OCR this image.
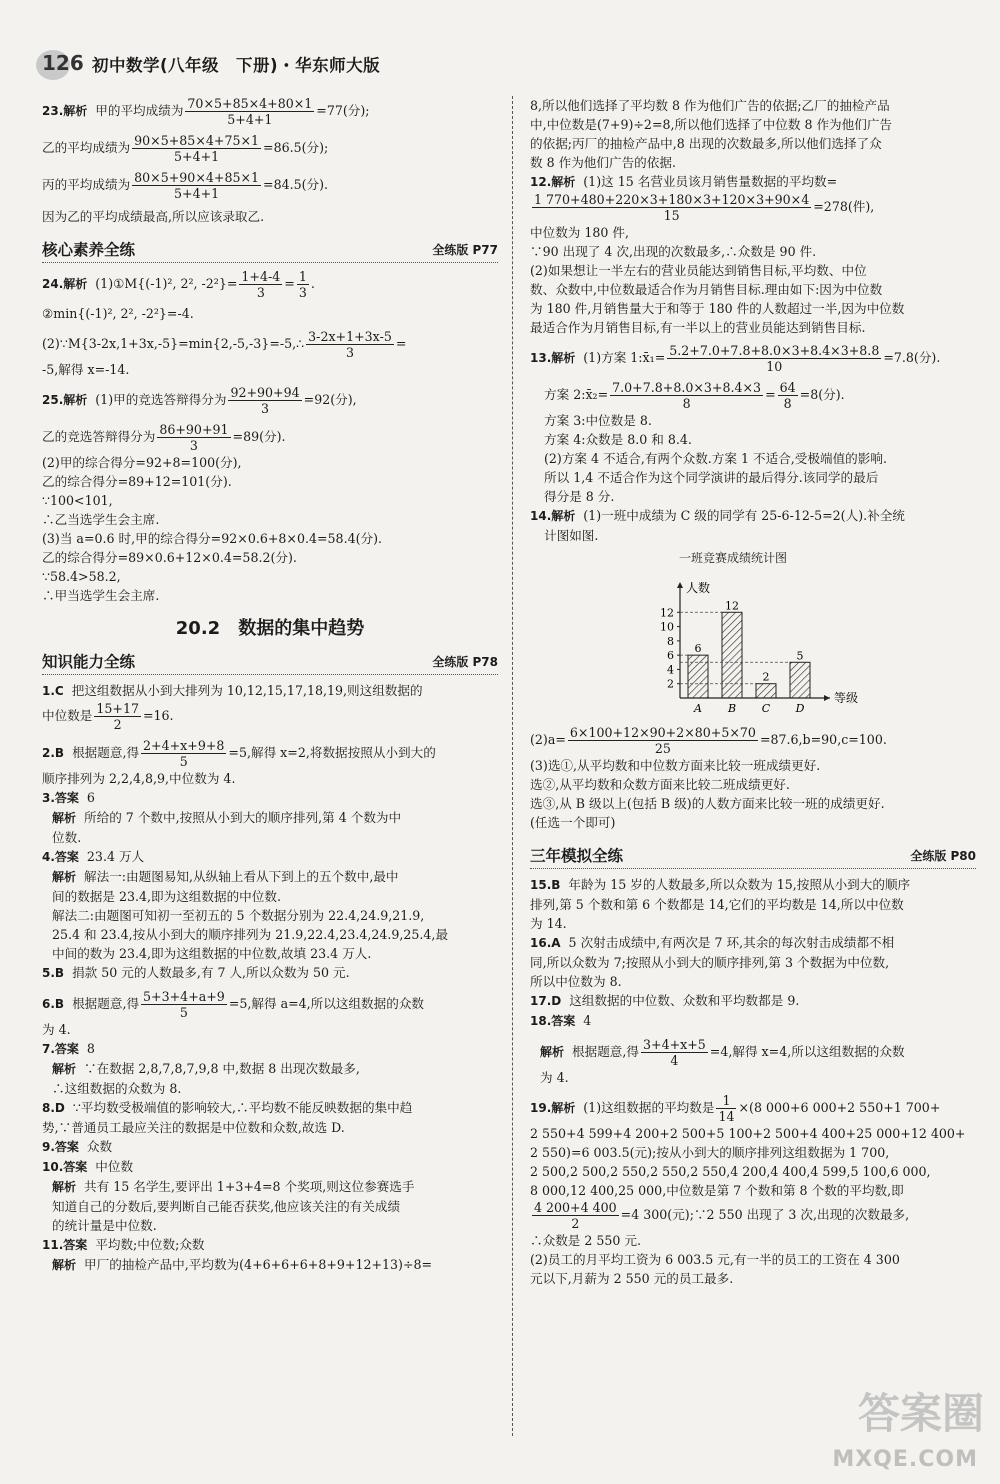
126 初中数学(八年级　下册)・华东师大版
23.解析 甲的平均成绩为 $\frac{70\times 5+85\times 4+80\times 1}{5+4+1} =77$(分);
乙的平均成绩为 $\frac{90\times 5+85\times 4+75\times 1}{5+4+1} =86.5$(分);
丙的平均成绩为 $\frac{80\times 5+90\times 4+85\times 1}{5+4+1} =84.5$(分).
因为乙的平均成绩最高,所以应该录取乙.
核心素养全练	全练版 P77
24.解析 (1)①M{(-1)², 2², $-2^2\}= \frac{1+4-4}{3} = \frac{1}{3}$ .
②min{(-1)², 2², -2²}=-4.
(2)∵M{3-2x,1+3x,-5}=min{2,-5,-3}=-5,∴ $\frac{3-2x+1+3x-5}{3}$ =
-5,解得 x=-14.
25.解析 (1)甲的竞选答辩得分为 $\frac{92+90+94}{3} =92$(分),
乙的竞选答辩得分为 $\frac{86+90+91}{3} =89$(分).
(2)甲的综合得分=92+8=100(分),
乙的综合得分=89+12=101(分).
∵100<101,
∴乙当选学生会主席.
(3)当 a=0.6 时,甲的综合得分=92×0.6+8×0.4=58.4(分).
乙的综合得分=89×0.6+12×0.4=58.2(分).
∵58.4>58.2,
∴甲当选学生会主席.
20.2　数据的集中趋势
知识能力全练	全练版 P78
1.C 把这组数据从小到大排列为 10,12,15,17,18,19,则这组数据的
中位数是 $\frac{15+17}{2} =16$.
2.B 根据题意,得 $\frac{2+4+x+9+8}{5} =5$,解得 x=2,将数据按照从小到大的
顺序排列为 2,2,4,8,9,中位数为 4.
3.答案 6
解析 所给的 7 个数中,按照从小到大的顺序排列,第 4 个数为中
位数.
4.答案 23.4 万人
解析 解法一:由题图易知,从纵轴上看从下到上的五个数中,最中
间的数据是 23.4,即为这组数据的中位数.
解法二:由题图可知初一至初五的 5 个数据分别为 22.4,24.9,21.9,
25.4 和 23.4,按从小到大的顺序排列为 21.9,22.4,23.4,24.9,25.4,最
中间的数为 23.4,即为这组数据的中位数,故填 23.4 万人.
5.B 捐款 50 元的人数最多,有 7 人,所以众数为 50 元.
6.B 根据题意,得 $\frac{5+3+4+a+9}{5} =5$,解得 a=4,所以这组数据的众数
为 4.
7.答案 8
解析 ∵在数据 2,8,7,8,7,9,8 中,数据 8 出现次数最多,
∴这组数据的众数为 8.
8.D ∵平均数受极端值的影响较大,∴平均数不能反映数据的集中趋
势,∵普通员工最应关注的数据是中位数和众数,故选 D.
9.答案 众数
10.答案 中位数
解析 共有 15 名学生,要评出 1+3+4=8 个奖项,则这位参赛选手
知道自己的分数后,要判断自己能否获奖,他应该关注的有关成绩
的统计量是中位数.
11.答案 平均数;中位数;众数
解析 甲厂的抽检产品中,平均数为(4+6+6+6+8+9+12+13)÷8=
8,所以他们选择了平均数 8 作为他们广告的依据;乙厂的抽检产品
中,中位数是(7+9)÷2=8,所以他们选择了中位数 8 作为他们广告
的依据;丙厂的抽检产品中,8 出现的次数最多,所以他们选择了众
数 8 作为他们广告的依据.
12.解析 (1)这 15 名营业员该月销售量数据的平均数=
$\frac{1 770+480+220\times 3+180\times 3+120\times 3+90\times 4}{15} =278$(件),
中位数为 180 件,
∵90 出现了 4 次,出现的次数最多,∴众数是 90 件.
(2)如果想让一半左右的营业员能达到销售目标,平均数、中位
数、众数中,中位数最适合作为月销售目标.理由如下:因为中位数
为 180 件,月销售量大于和等于 180 件的人数超过一半,因为中位数
最适合作为月销售目标,有一半以上的营业员能达到销售目标.
13.解析 (1)方案 1:x̄₁= $\frac{5.2+7.0+7.8+8.0\times 3+8.4\times 3+8.8}{10} =7.8$(分).
方案 2:x̄₂= $\frac{7.0+7.8+8.0\times 3+8.4\times 3}{8} = \frac{64}{8} =8$(分).
方案 3:中位数是 8.
方案 4:众数是 8.0 和 8.4.
(2)方案 4 不适合,有两个众数.方案 1 不适合,受极端值的影响.
所以 1,4 不适合作为这个同学演讲的最后得分.该同学的最后
得分是 8 分.
14.解析 (1)一班中成绩为 C 级的同学有 25-6-12-5=2(人).补全统
计图如图.
一班竞赛成绩统计图
人数
等级
2
4
6
8
10
12
6
A
12
B
2
C
5
D
$(2)a= \frac{6\times 100+12\times 90+2\times 80+5\times 70}{25} =87.6,b=90,c=100$.
(3)选①,从平均数和中位数方面来比较一班成绩更好.
选②,从平均数和众数方面来比较二班成绩更好.
选③,从 B 级以上(包括 B 级)的人数方面来比较一班的成绩更好.
(任选一个即可)
三年模拟全练	全练版 P80
15.B 年龄为 15 岁的人数最多,所以众数为 15,按照从小到大的顺序
排列,第 5 个数和第 6 个数都是 14,它们的平均数是 14,所以中位数
为 14.
16.A 5 次射击成绩中,有两次是 7 环,其余的每次射击成绩都不相
同,所以众数为 7;按照从小到大的顺序排列,第 3 个数据为中位数,
所以中位数为 8.
17.D 这组数据的中位数、众数和平均数都是 9.
18.答案 4
解析 根据题意,得 $\frac{3+4+x+5}{4} =4$,解得 x=4,所以这组数据的众数
为 4.
19.解析 (1)这组数据的平均数是 $\frac{1}{14} \times(8$ 000+6 000+2 550+1 700+
2 550+4 599+4 200+2 500+5 100+2 500+4 400+25 000+12 400+
2 550)=6 003.5(元);按从小到大的顺序排列这组数据为 1 700,
2 500,2 500,2 550,2 550,2 550,4 200,4 400,4 599,5 100,6 000,
8 000,12 400,25 000,中位数是第 7 个数和第 8 个数的平均数,即
$\frac{4 200+4 400}{2} =4$ 300(元);∵2 550 出现了 3 次,出现的次数最多,
∴众数是 2 550 元.
(2)员工的月平均工资为 6 003.5 元,有一半的员工的工资在 4 300
元以下,月薪为 2 550 元的员工最多.
答案圈
MXQE.COM
